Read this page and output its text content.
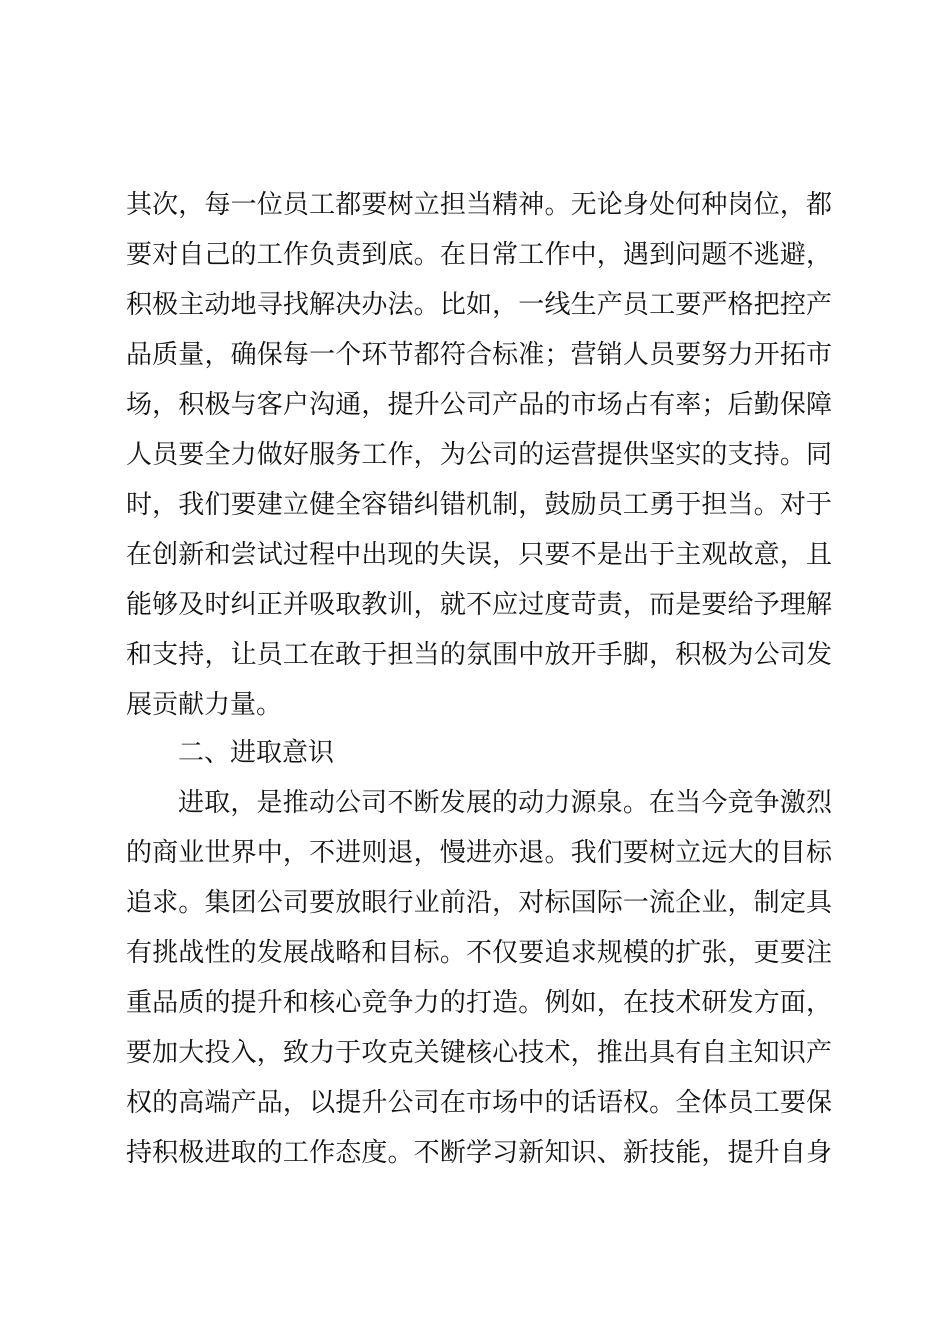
其次，每一位员工都要树立担当精神。无论身处何种岗位，都
要对自己的工作负责到底。在日常工作中，遇到问题不逃避，
积极主动地寻找解决办法。比如，一线生产员工要严格把控产
品质量，确保每一个环节都符合标准；营销人员要努力开拓市
场，积极与客户沟通，提升公司产品的市场占有率；后勤保障
人员要全力做好服务工作，为公司的运营提供坚实的支持。同
时，我们要建立健全容错纠错机制，鼓励员工勇于担当。对于
在创新和尝试过程中出现的失误，只要不是出于主观故意，且
能够及时纠正并吸取教训，就不应过度苛责，而是要给予理解
和支持，让员工在敢于担当的氛围中放开手脚，积极为公司发
展贡献力量。
二、进取意识
进取，是推动公司不断发展的动力源泉。在当今竞争激烈
的商业世界中，不进则退，慢进亦退。我们要树立远大的目标
追求。集团公司要放眼行业前沿，对标国际一流企业，制定具
有挑战性的发展战略和目标。不仅要追求规模的扩张，更要注
重品质的提升和核心竞争力的打造。例如，在技术研发方面，
要加大投入，致力于攻克关键核心技术，推出具有自主知识产
权的高端产品，以提升公司在市场中的话语权。全体员工要保
持积极进取的工作态度。不断学习新知识、新技能，提升自身
